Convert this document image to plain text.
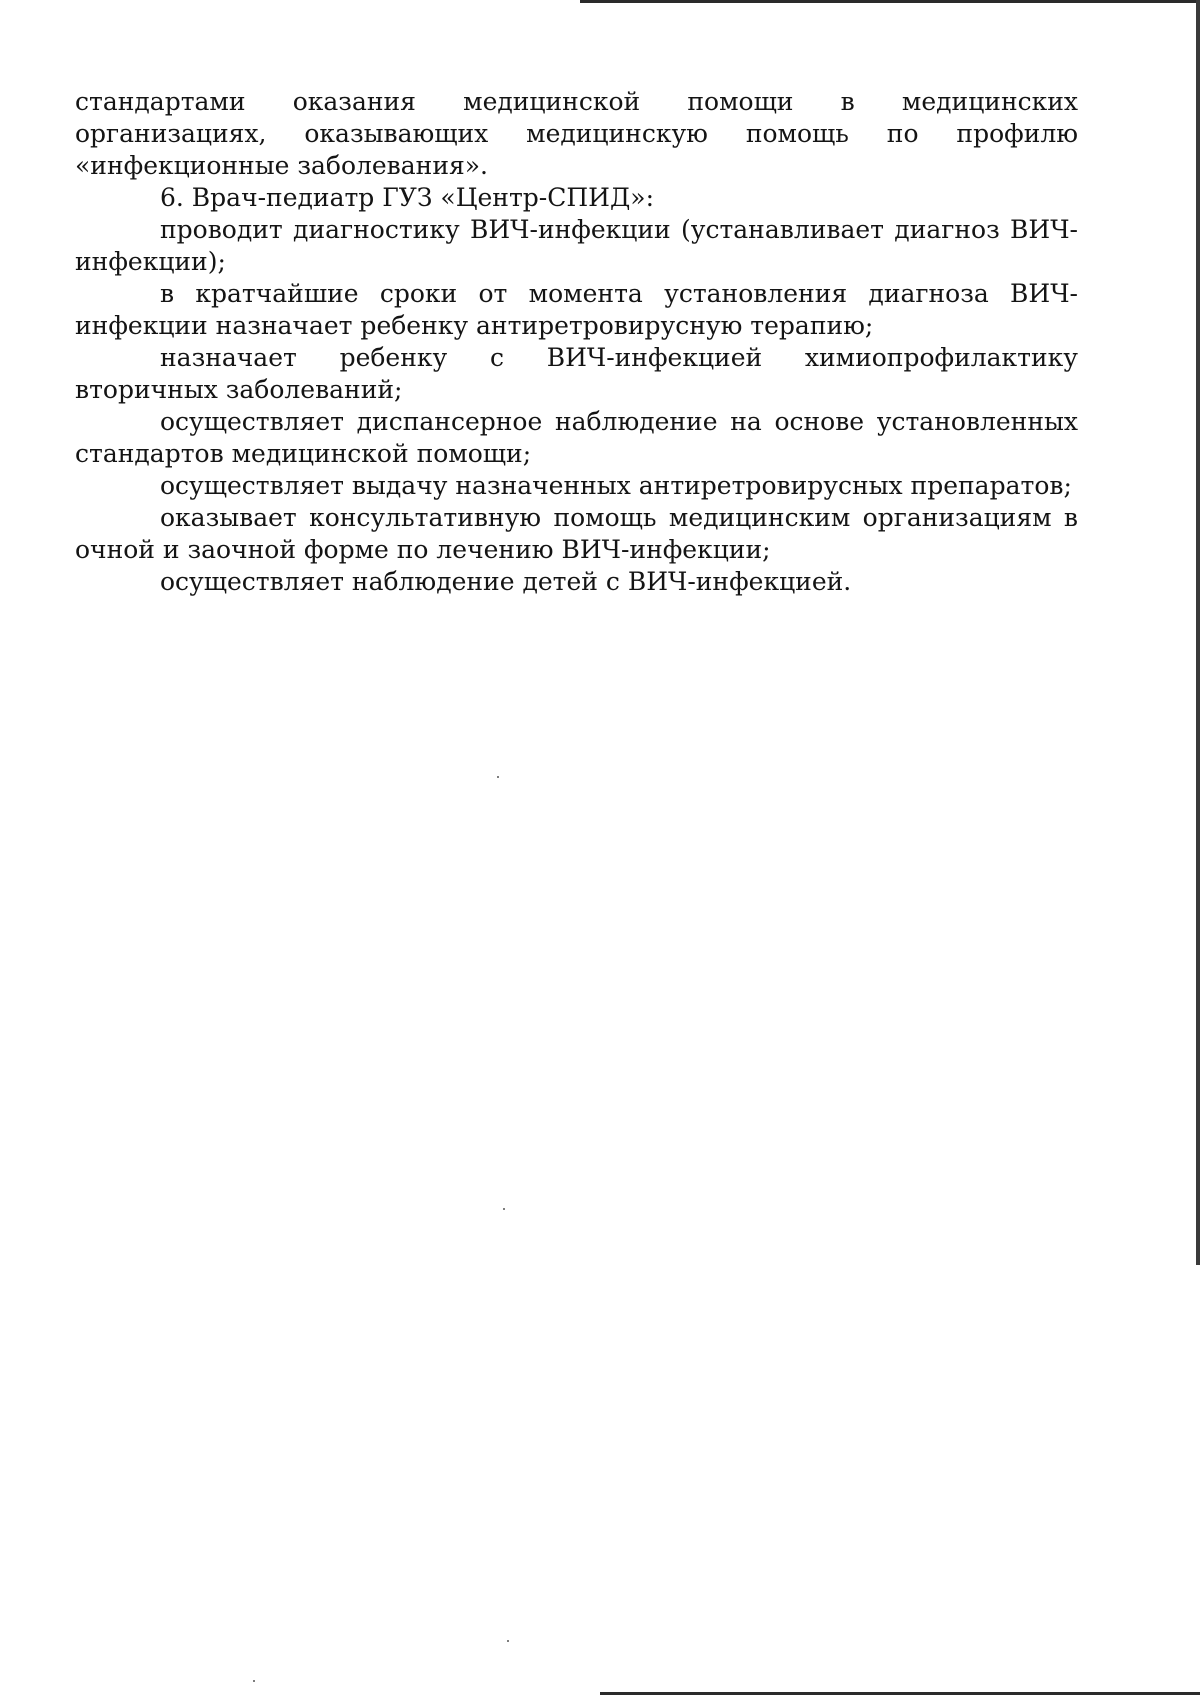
стандартами оказания медицинской помощи в медицинских организациях, оказывающих медицинскую помощь по профилю «инфекционные заболевания».

6. Врач-педиатр ГУЗ «Центр-СПИД»:

проводит диагностику ВИЧ-инфекции (устанавливает диагноз ВИЧ-инфекции);

в кратчайшие сроки от момента установления диагноза ВИЧ-инфекции назначает ребенку антиретровирусную терапию;

назначает ребенку с ВИЧ-инфекцией химиопрофилактику вторичных заболеваний;

осуществляет диспансерное наблюдение на основе установленных стандартов медицинской помощи;

осуществляет выдачу назначенных антиретровирусных препаратов;

оказывает консультативную помощь медицинским организациям в очной и заочной форме по лечению ВИЧ-инфекции;

осуществляет наблюдение детей с ВИЧ-инфекцией.
